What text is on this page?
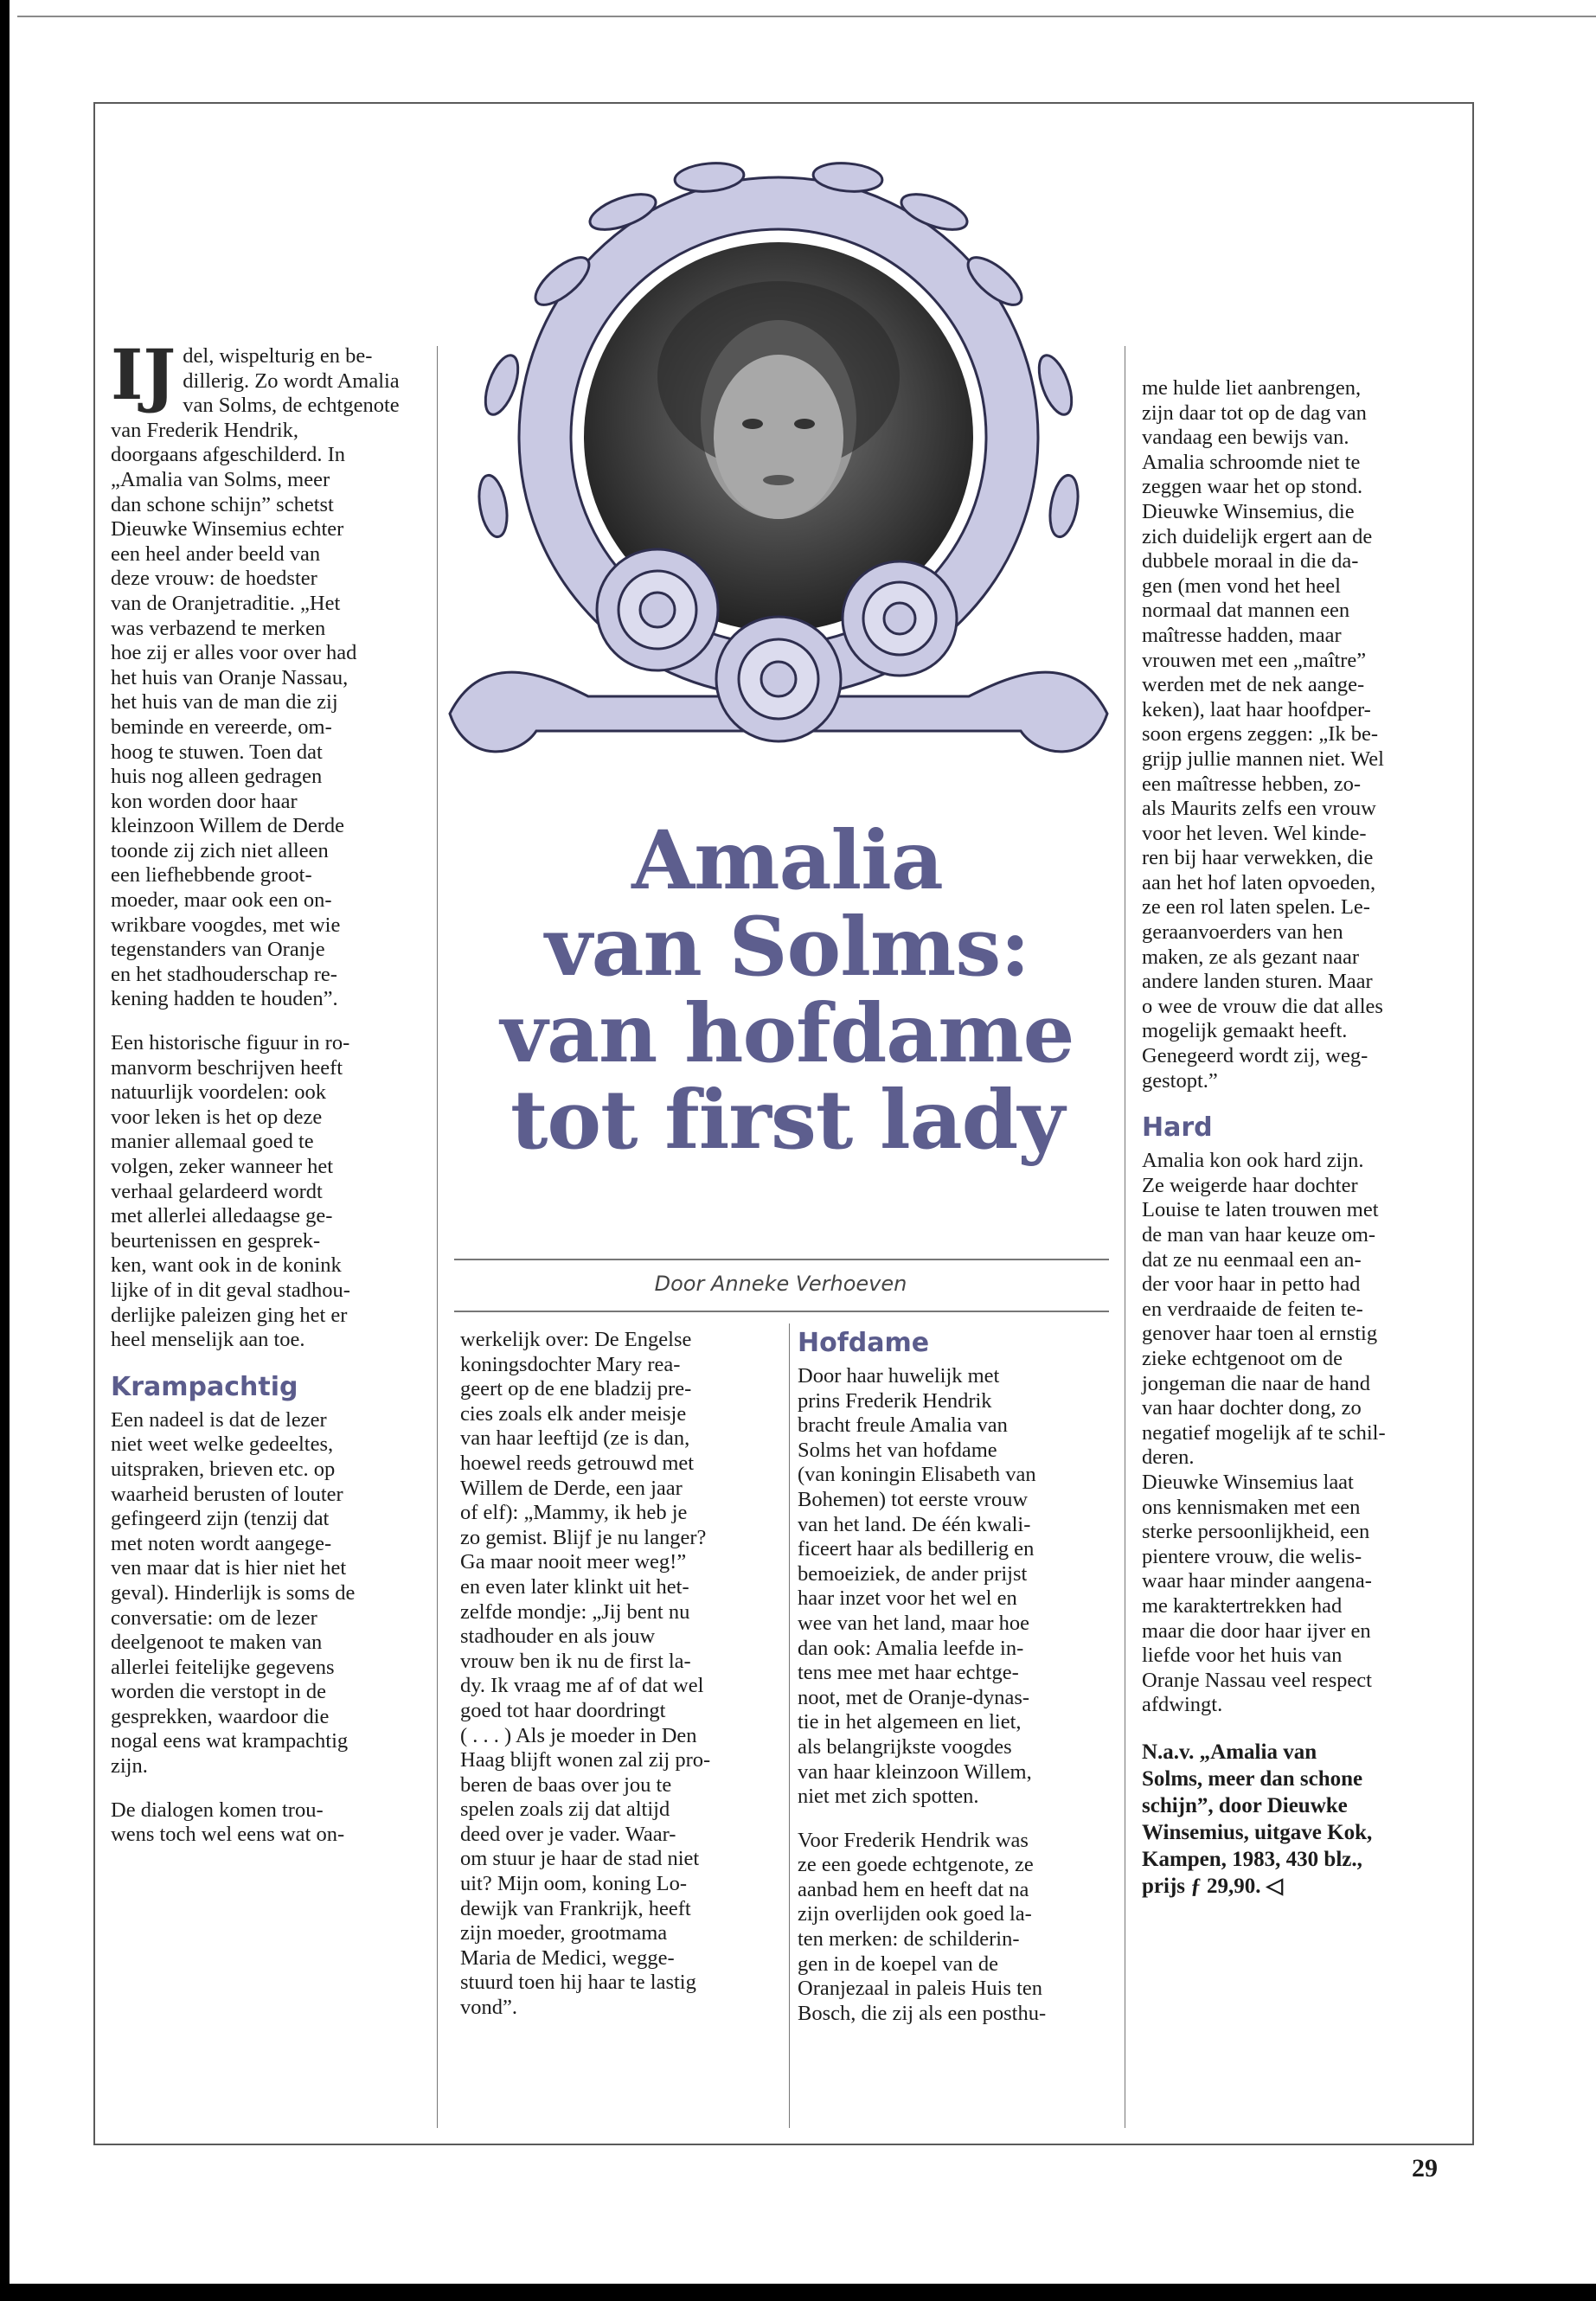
Amalia
van Solms:
van hofdame
tot first lady
Door Anneke Verhoeven

IJ del, wispelturig en be-
dillerig. Zo wordt Amalia
van Solms, de echtgenote
van Frederik Hendrik,
doorgaans afgeschilderd. In
„Amalia van Solms, meer
dan schone schijn” schetst
Dieuwke Winsemius echter
een heel ander beeld van
deze vrouw: de hoedster
van de Oranjetraditie. „Het
was verbazend te merken
hoe zij er alles voor over had
het huis van Oranje Nassau,
het huis van de man die zij
beminde en vereerde, om-
hoog te stuwen. Toen dat
huis nog alleen gedragen
kon worden door haar
kleinzoon Willem de Derde
toonde zij zich niet alleen
een liefhebbende groot-
moeder, maar ook een on-
wrikbare voogdes, met wie
tegenstanders van Oranje
en het stadhouderschap re-
kening hadden te houden”.

Een historische figuur in ro-
manvorm beschrijven heeft
natuurlijk voordelen: ook
voor leken is het op deze
manier allemaal goed te
volgen, zeker wanneer het
verhaal gelardeerd wordt
met allerlei alledaagse ge-
beurtenissen en gesprek-
ken, want ook in de konink
lijke of in dit geval stadhou-
derlijke paleizen ging het er
heel menselijk aan toe.

Krampachtig

Een nadeel is dat de lezer
niet weet welke gedeeltes,
uitspraken, brieven etc. op
waarheid berusten of louter
gefingeerd zijn (tenzij dat
met noten wordt aangege-
ven maar dat is hier niet het
geval). Hinderlijk is soms de
conversatie: om de lezer
deelgenoot te maken van
allerlei feitelijke gegevens
worden die verstopt in de
gesprekken, waardoor die
nogal eens wat krampachtig
zijn.

De dialogen komen trou-
wens toch wel eens wat on-

werkelijk over: De Engelse
koningsdochter Mary rea-
geert op de ene bladzij pre-
cies zoals elk ander meisje
van haar leeftijd (ze is dan,
hoewel reeds getrouwd met
Willem de Derde, een jaar
of elf): „Mammy, ik heb je
zo gemist. Blijf je nu langer?
Ga maar nooit meer weg!”
en even later klinkt uit het-
zelfde mondje: „Jij bent nu
stadhouder en als jouw
vrouw ben ik nu de first la-
dy. Ik vraag me af of dat wel
goed tot haar doordringt
( . . . ) Als je moeder in Den
Haag blijft wonen zal zij pro-
beren de baas over jou te
spelen zoals zij dat altijd
deed over je vader. Waar-
om stuur je haar de stad niet
uit? Mijn oom, koning Lo-
dewijk van Frankrijk, heeft
zijn moeder, grootmama
Maria de Medici, wegge-
stuurd toen hij haar te lastig
vond”.

Hofdame

Door haar huwelijk met
prins Frederik Hendrik
bracht freule Amalia van
Solms het van hofdame
(van koningin Elisabeth van
Bohemen) tot eerste vrouw
van het land. De één kwali-
ficeert haar als bedillerig en
bemoeiziek, de ander prijst
haar inzet voor het wel en
wee van het land, maar hoe
dan ook: Amalia leefde in-
tens mee met haar echtge-
noot, met de Oranje-dynas-
tie in het algemeen en liet,
als belangrijkste voogdes
van haar kleinzoon Willem,
niet met zich spotten.

Voor Frederik Hendrik was
ze een goede echtgenote, ze
aanbad hem en heeft dat na
zijn overlijden ook goed la-
ten merken: de schilderin-
gen in de koepel van de
Oranjezaal in paleis Huis ten
Bosch, die zij als een posthu-

me hulde liet aanbrengen,
zijn daar tot op de dag van
vandaag een bewijs van.
Amalia schroomde niet te
zeggen waar het op stond.
Dieuwke Winsemius, die
zich duidelijk ergert aan de
dubbele moraal in die da-
gen (men vond het heel
normaal dat mannen een
maîtresse hadden, maar
vrouwen met een „maître”
werden met de nek aange-
keken), laat haar hoofdper-
soon ergens zeggen: „Ik be-
grijp jullie mannen niet. Wel
een maîtresse hebben, zo-
als Maurits zelfs een vrouw
voor het leven. Wel kinde-
ren bij haar verwekken, die
aan het hof laten opvoeden,
ze een rol laten spelen. Le-
geraanvoerders van hen
maken, ze als gezant naar
andere landen sturen. Maar
o wee de vrouw die dat alles
mogelijk gemaakt heeft.
Genegeerd wordt zij, weg-
gestopt.”

Hard

Amalia kon ook hard zijn.
Ze weigerde haar dochter
Louise te laten trouwen met
de man van haar keuze om-
dat ze nu eenmaal een an-
der voor haar in petto had
en verdraaide de feiten te-
genover haar toen al ernstig
zieke echtgenoot om de
jongeman die naar de hand
van haar dochter dong, zo
negatief mogelijk af te schil-
deren.
Dieuwke Winsemius laat
ons kennismaken met een
sterke persoonlijkheid, een
pientere vrouw, die welis-
waar haar minder aangena-
me karaktertrekken had
maar die door haar ijver en
liefde voor het huis van
Oranje Nassau veel respect
afdwingt.

N.a.v. „Amalia van
Solms, meer dan schone
schijn”, door Dieuwke
Winsemius, uitgave Kok,
Kampen, 1983, 430 blz.,
prijs ƒ 29,90. ◁
29
